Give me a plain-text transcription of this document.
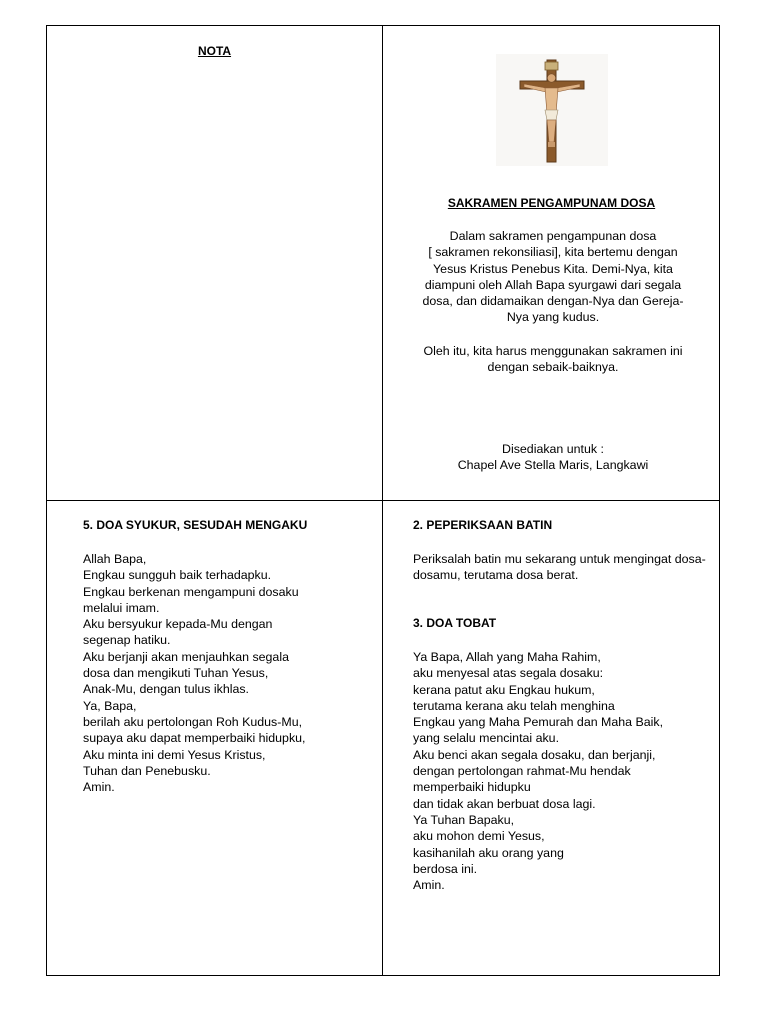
NOTA
SAKRAMEN PENGAMPUNAM DOSA
Dalam sakramen pengampunan dosa
[ sakramen rekonsiliasi], kita bertemu dengan
Yesus Kristus Penebus Kita. Demi-Nya, kita
diampuni oleh Allah Bapa syurgawi dari segala
dosa, dan didamaikan dengan-Nya dan Gereja-
Nya yang kudus.
Oleh itu, kita harus menggunakan sakramen ini
dengan sebaik-baiknya.
Disediakan untuk :
Chapel Ave Stella Maris, Langkawi
5. DOA SYUKUR, SESUDAH MENGAKU
Allah Bapa,
Engkau sungguh baik terhadapku.
Engkau berkenan mengampuni dosaku
melalui imam.
Aku bersyukur kepada-Mu dengan
segenap hatiku.
Aku berjanji akan menjauhkan segala
dosa dan mengikuti Tuhan Yesus,
Anak-Mu, dengan tulus ikhlas.
Ya, Bapa,
berilah aku pertolongan Roh Kudus-Mu,
supaya aku dapat memperbaiki hidupku,
Aku minta ini demi Yesus Kristus,
Tuhan dan Penebusku.
Amin.
2. PEPERIKSAAN BATIN
Periksalah batin mu sekarang untuk mengingat dosa-
dosamu, terutama dosa berat.
3. DOA TOBAT
Ya Bapa, Allah yang Maha Rahim,
aku menyesal atas segala dosaku:
kerana patut aku Engkau hukum,
terutama kerana aku telah menghina
Engkau yang Maha Pemurah dan Maha Baik,
yang selalu mencintai aku.
Aku benci akan segala dosaku, dan berjanji,
dengan pertolongan rahmat-Mu hendak
memperbaiki hidupku
dan tidak akan berbuat dosa lagi.
Ya Tuhan Bapaku,
aku mohon demi Yesus,
kasihanilah aku orang yang
berdosa ini.
Amin.
